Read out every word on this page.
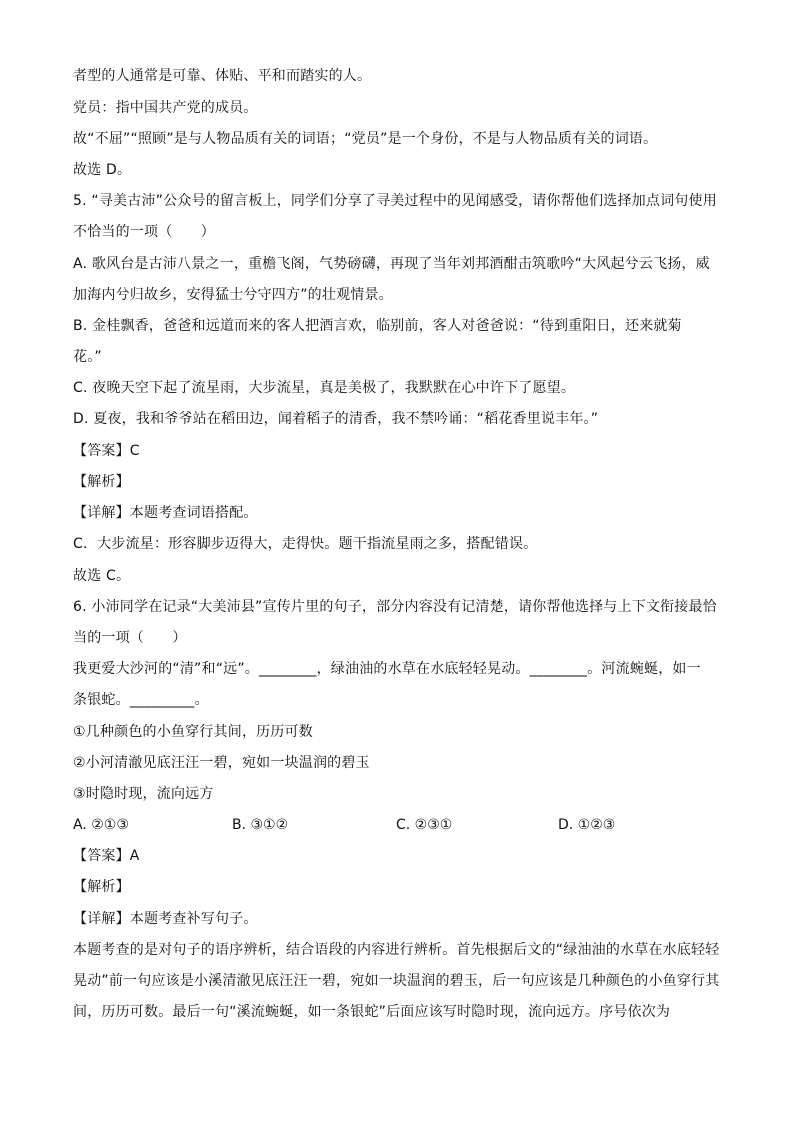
者型的人通常是可靠、体贴、平和而踏实的人。
党员：指中国共产党的成员。
故“不屈”“照顾”是与人物品质有关的词语；“党员”是一个身份，不是与人物品质有关的词语。
故选 D。
5. “寻美古沛”公众号的留言板上，同学们分享了寻美过程中的见闻感受，请你帮他们选择加点词句使用
不恰当的一项（　　）
A. 歌风台是古沛八景之一，重檐飞阁，气势磅礴，再现了当年刘邦酒酣击筑歌吟“大风起兮云飞扬，威
加海内兮归故乡，安得猛士兮守四方”的壮观情景。
B. 金桂飘香，爸爸和远道而来的客人把酒言欢，临别前，客人对爸爸说：“待到重阳日，还来就菊
花。”
C. 夜晚天空下起了流星雨，大步流星，真是美极了，我默默在心中许下了愿望。
D. 夏夜，我和爷爷站在稻田边，闻着稻子的清香，我不禁吟诵：“稻花香里说丰年。”
【答案】C
【解析】
【详解】本题考查词语搭配。
C．大步流星：形容脚步迈得大，走得快。题干指流星雨之多，搭配错误。
故选 C。
6. 小沛同学在记录“大美沛县”宣传片里的句子，部分内容没有记清楚，请你帮他选择与上下文衔接最恰
当的一项（　　）
我更爱大沙河的“清”和“远”。________，绿油油的水草在水底轻轻晃动。________。河流蜿蜒，如一
条银蛇。_________。
①几种颜色的小鱼穿行其间，历历可数
②小河清澈见底汪汪一碧，宛如一块温润的碧玉
③时隐时现，流向远方
A. ②①③	B. ③①②	C. ②③①	D. ①②③
【答案】A
【解析】
【详解】本题考查补写句子。
本题考查的是对句子的语序辨析，结合语段的内容进行辨析。首先根据后文的“绿油油的水草在水底轻轻
晃动”前一句应该是小溪清澈见底汪汪一碧，宛如一块温润的碧玉，后一句应该是几种颜色的小鱼穿行其
间，历历可数。最后一句“溪流蜿蜒，如一条银蛇”后面应该写时隐时现，流向远方。序号依次为
